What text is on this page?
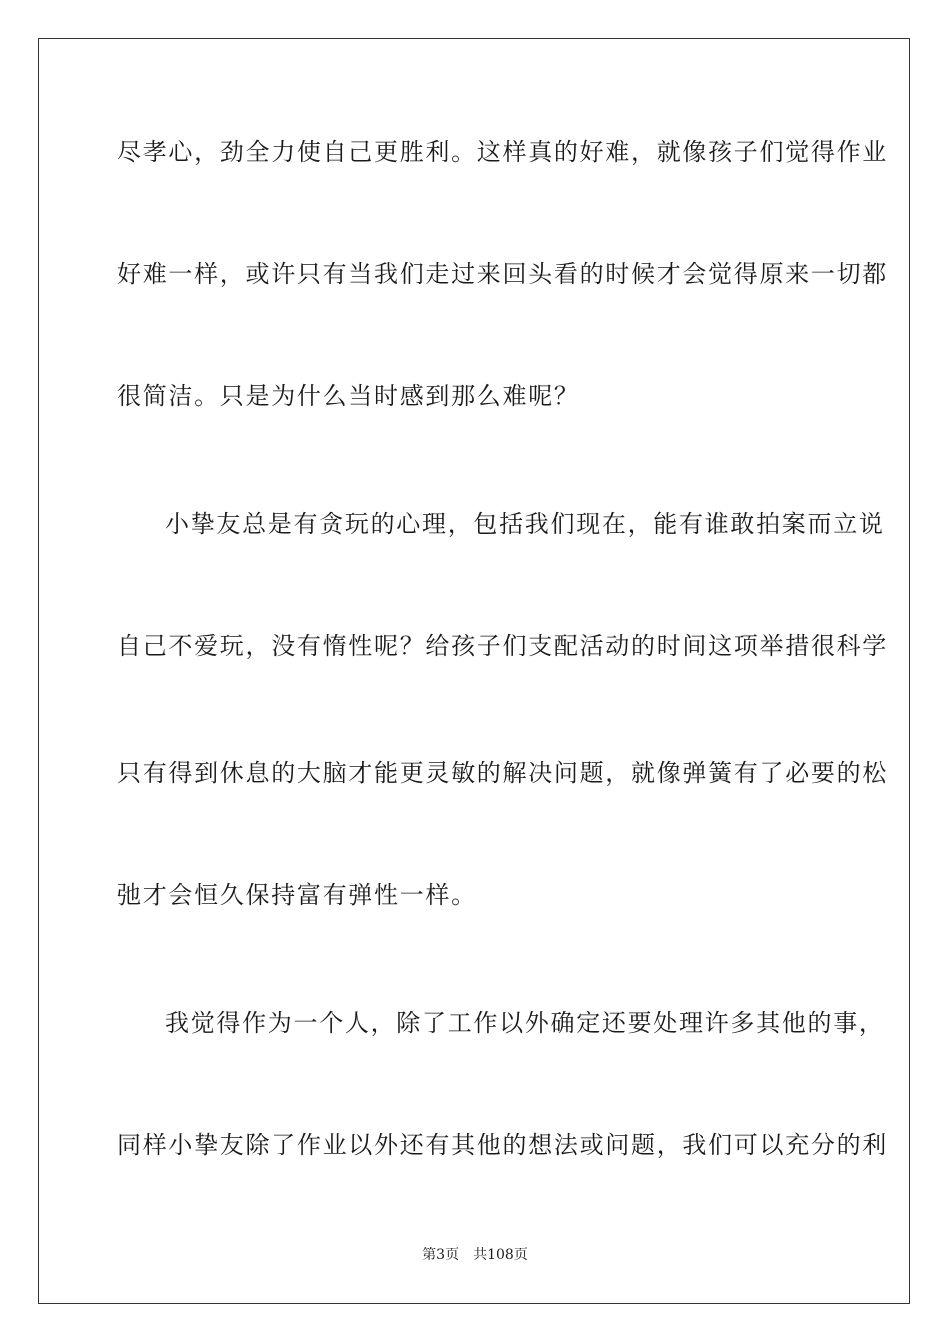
尽孝心，劲全力使自己更胜利。这样真的好难，就像孩子们觉得作业
好难一样，或许只有当我们走过来回头看的时候才会觉得原来一切都
很简洁。只是为什么当时感到那么难呢？
小挚友总是有贪玩的心理，包括我们现在，能有谁敢拍案而立说
自己不爱玩，没有惰性呢？给孩子们支配活动的时间这项举措很科学
只有得到休息的大脑才能更灵敏的解决问题，就像弹簧有了必要的松
弛才会恒久保持富有弹性一样。
我觉得作为一个人，除了工作以外确定还要处理许多其他的事，
同样小挚友除了作业以外还有其他的想法或问题，我们可以充分的利
第3页 共108页
